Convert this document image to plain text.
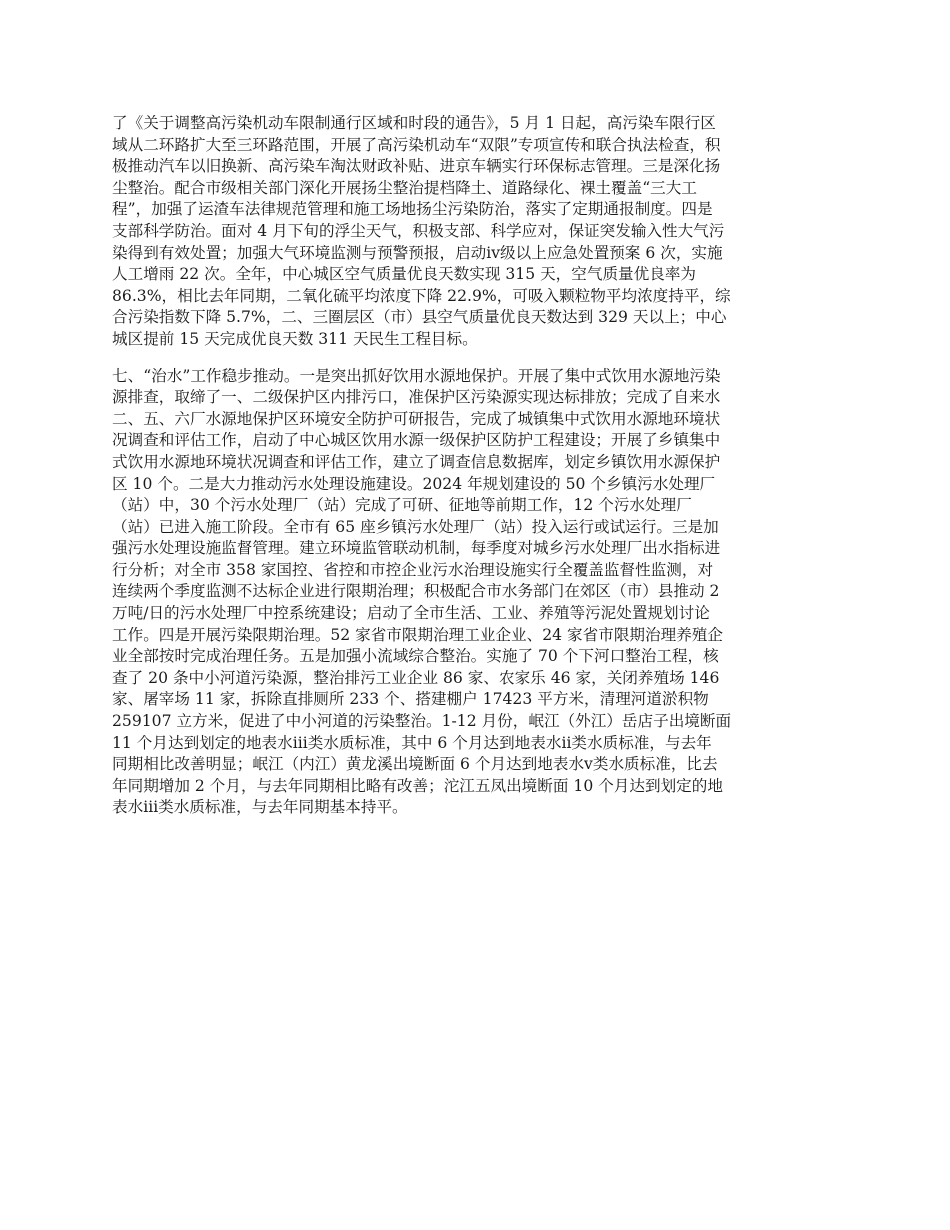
了《关于调整高污染机动车限制通行区域和时段的通告》，5 月 1 日起，高污染车限行区
域从二环路扩大至三环路范围，开展了高污染机动车“双限”专项宣传和联合执法检查，积
极推动汽车以旧换新、高污染车淘汰财政补贴、进京车辆实行环保标志管理。三是深化扬
尘整治。配合市级相关部门深化开展扬尘整治提档降土、道路绿化、裸土覆盖“三大工
程”，加强了运渣车法律规范管理和施工场地扬尘污染防治，落实了定期通报制度。四是
支部科学防治。面对 4 月下旬的浮尘天气，积极支部、科学应对，保证突发输入性大气污
染得到有效处置；加强大气环境监测与预警预报，启动ⅳ级以上应急处置预案 6 次，实施
人工增雨 22 次。全年，中心城区空气质量优良天数实现 315 天，空气质量优良率为
86.3%，相比去年同期，二氧化硫平均浓度下降 22.9%，可吸入颗粒物平均浓度持平，综
合污染指数下降 5.7%，二、三圈层区（市）县空气质量优良天数达到 329 天以上；中心
城区提前 15 天完成优良天数 311 天民生工程目标。

七、“治水”工作稳步推动。一是突出抓好饮用水源地保护。开展了集中式饮用水源地污染
源排查，取缔了一、二级保护区内排污口，准保护区污染源实现达标排放；完成了自来水
二、五、六厂水源地保护区环境安全防护可研报告，完成了城镇集中式饮用水源地环境状
况调查和评估工作，启动了中心城区饮用水源一级保护区防护工程建设；开展了乡镇集中
式饮用水源地环境状况调查和评估工作，建立了调查信息数据库，划定乡镇饮用水源保护
区 10 个。二是大力推动污水处理设施建设。2024 年规划建设的 50 个乡镇污水处理厂
（站）中，30 个污水处理厂（站）完成了可研、征地等前期工作，12 个污水处理厂
（站）已进入施工阶段。全市有 65 座乡镇污水处理厂（站）投入运行或试运行。三是加
强污水处理设施监督管理。建立环境监管联动机制，每季度对城乡污水处理厂出水指标进
行分析；对全市 358 家国控、省控和市控企业污水治理设施实行全覆盖监督性监测，对
连续两个季度监测不达标企业进行限期治理；积极配合市水务部门在郊区（市）县推动 2
万吨/日的污水处理厂中控系统建设；启动了全市生活、工业、养殖等污泥处置规划讨论
工作。四是开展污染限期治理。52 家省市限期治理工业企业、24 家省市限期治理养殖企
业全部按时完成治理任务。五是加强小流域综合整治。实施了 70 个下河口整治工程，核
查了 20 条中小河道污染源，整治排污工业企业 86 家、农家乐 46 家，关闭养殖场 146
家、屠宰场 11 家，拆除直排厕所 233 个、搭建棚户 17423 平方米，清理河道淤积物
259107 立方米，促进了中小河道的污染整治。1-12 月份，岷江（外江）岳店子出境断面
11 个月达到划定的地表水ⅲ类水质标准，其中 6 个月达到地表水ⅱ类水质标准，与去年
同期相比改善明显；岷江（内江）黄龙溪出境断面 6 个月达到地表水ⅴ类水质标准，比去
年同期增加 2 个月，与去年同期相比略有改善；沱江五凤出境断面 10 个月达到划定的地
表水ⅲ类水质标准，与去年同期基本持平。
